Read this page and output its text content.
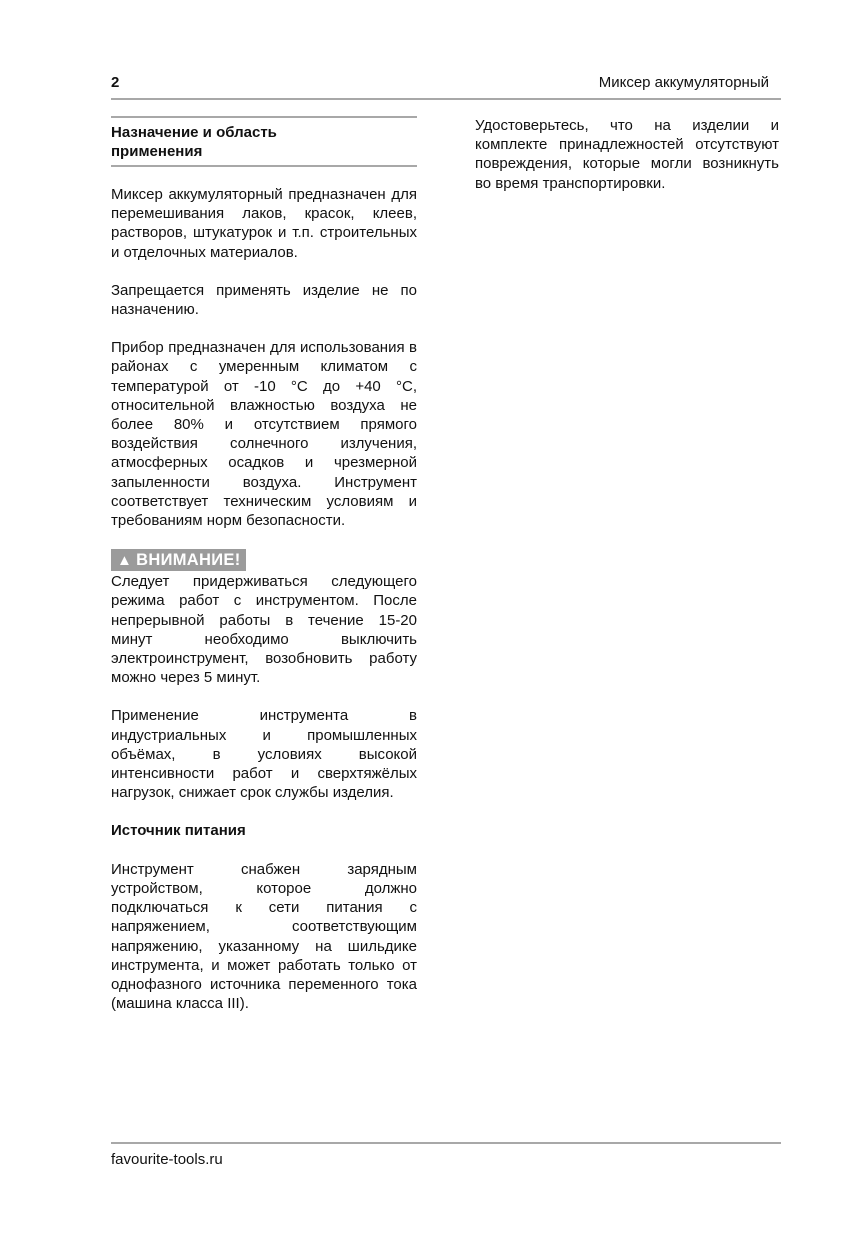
2	Миксер аккумуляторный
Назначение и область
применения

Миксер аккумуляторный предназначен для перемешивания лаков, красок, клеев, растворов, штукатурок и т.п. строительных и отделочных материалов.

Запрещается применять изделие не по назначению.

Прибор предназначен для использования в районах с умеренным климатом с температурой от -10 °С до +40 °С, относительной влажностью воздуха не более 80% и отсутствием прямого воздействия солнечного излучения, атмосферных осадков и чрезмерной запыленности воздуха. Инструмент соответствует техническим условиям и требованиям норм безопасности.

▲ ВНИМАНИЕ!

Следует придерживаться следующего режима работ с инструментом. После непрерывной работы в течение 15-20 минут необходимо выключить электроинструмент, возобновить работу можно через 5 минут.

Применение инструмента в индустриальных и промышленных объёмах, в условиях высокой интенсивности работ и сверхтяжёлых нагрузок, снижает срок службы изделия.

Источник питания

Инструмент снабжен зарядным устройством, которое должно подключаться к сети питания с напряжением, соответствующим напряжению, указанному на шильдике инструмента, и может работать только от однофазного источника переменного тока (машина класса III).

Удостоверьтесь, что на изделии и комплекте принадлежностей отсутствуют повреждения, которые могли возникнуть во время транспортировки.

favourite-tools.ru
